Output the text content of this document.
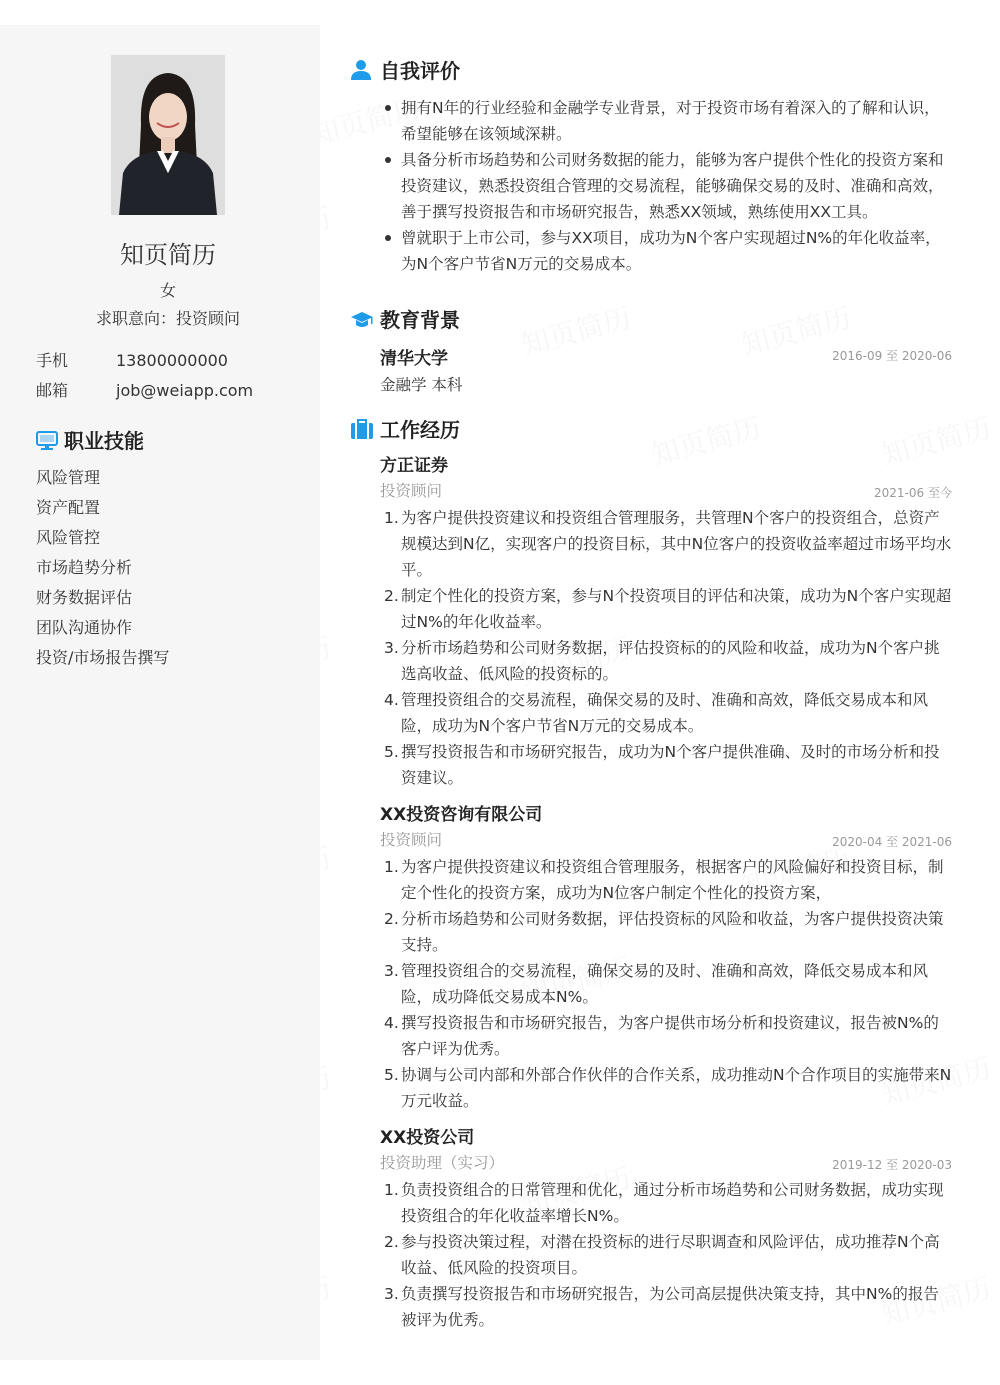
知页简历
女
求职意向：投资顾问
手机	13800000000
邮箱	job@weiapp.com
职业技能
风险管理
资产配置
风险管控
市场趋势分析
财务数据评估
团队沟通协作
投资/市场报告撰写
自我评价
拥有N年的行业经验和金融学专业背景，对于投资市场有着深入的了解和认识，希望能够在该领域深耕。
具备分析市场趋势和公司财务数据的能力，能够为客户提供个性化的投资方案和投资建议，熟悉投资组合管理的交易流程，能够确保交易的及时、准确和高效，善于撰写投资报告和市场研究报告，熟悉XX领域，熟练使用XX工具。
曾就职于上市公司，参与XX项目，成功为N个客户实现超过N%的年化收益率，为N个客户节省N万元的交易成本。
教育背景
清华大学	2016-09 至 2020-06
金融学 本科
工作经历
方正证券
投资顾问	2021-06 至今
1. 为客户提供投资建议和投资组合管理服务，共管理N个客户的投资组合，总资产规模达到N亿，实现客户的投资目标，其中N位客户的投资收益率超过市场平均水平。
2. 制定个性化的投资方案，参与N个投资项目的评估和决策，成功为N个客户实现超过N%的年化收益率。
3. 分析市场趋势和公司财务数据，评估投资标的的风险和收益，成功为N个客户挑选高收益、低风险的投资标的。
4. 管理投资组合的交易流程，确保交易的及时、准确和高效，降低交易成本和风险，成功为N个客户节省N万元的交易成本。
5. 撰写投资报告和市场研究报告，成功为N个客户提供准确、及时的市场分析和投资建议。
XX投资咨询有限公司
投资顾问	2020-04 至 2021-06
1. 为客户提供投资建议和投资组合管理服务，根据客户的风险偏好和投资目标，制定个性化的投资方案，成功为N位客户制定个性化的投资方案，
2. 分析市场趋势和公司财务数据，评估投资标的风险和收益，为客户提供投资决策支持。
3. 管理投资组合的交易流程，确保交易的及时、准确和高效，降低交易成本和风险，成功降低交易成本N%。
4. 撰写投资报告和市场研究报告，为客户提供市场分析和投资建议，报告被N%的客户评为优秀。
5. 协调与公司内部和外部合作伙伴的合作关系，成功推动N个合作项目的实施带来N万元收益。
XX投资公司
投资助理（实习）	2019-12 至 2020-03
1. 负责投资组合的日常管理和优化，通过分析市场趋势和公司财务数据，成功实现投资组合的年化收益率增长N%。
2. 参与投资决策过程，对潜在投资标的进行尽职调查和风险评估，成功推荐N个高收益、低风险的投资项目。
3. 负责撰写投资报告和市场研究报告，为公司高层提供决策支持，其中N%的报告被评为优秀。
